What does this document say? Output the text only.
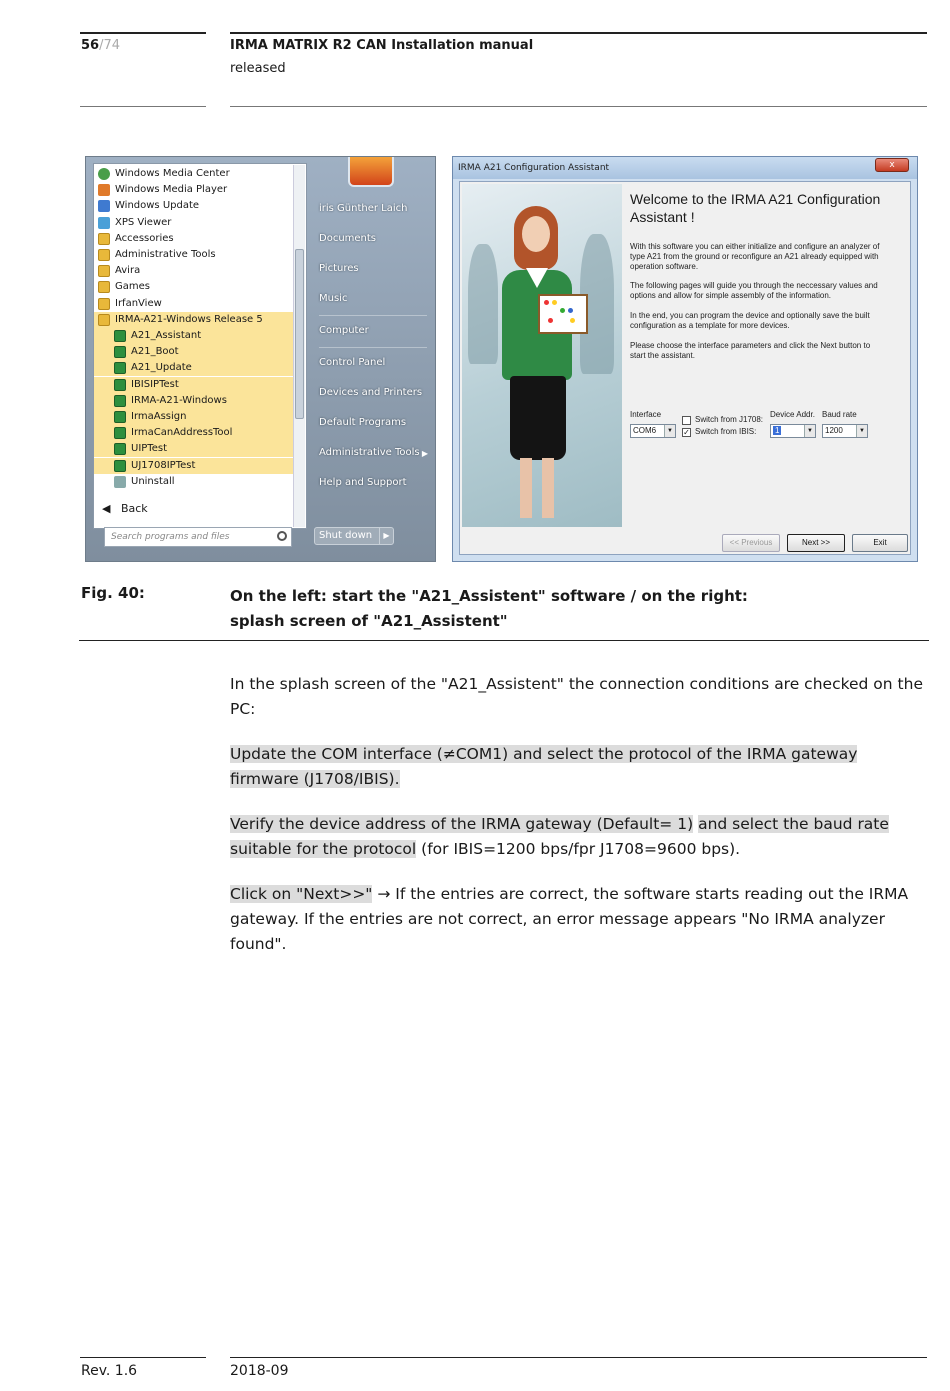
56/74	IRMA MATRIX R2 CAN Installation manual
released
Windows Media Center
Windows Media Player
Windows Update
XPS Viewer
Accessories
Administrative Tools
Avira
Games
IrfanView
IRMA-A21-Windows Release 5
A21_Assistant
A21_Boot
A21_Update
IBISIPTest
IRMA-A21-Windows
IrmaAssign
IrmaCanAddressTool
UIPTest
UJ1708IPTest
Uninstall
◀ Back
Search programs and files
iris Günther Laich
Documents
Pictures
Music
Computer
Control Panel
Devices and Printers
Default Programs
Administrative Tools ▶
Help and Support
Shut down	▶
IRMA A21 Configuration Assistant	x
Welcome to the IRMA A21 Configuration Assistant !
With this software you can either initialize and configure an analyzer of type A21 from the ground or reconfigure an A21 already equipped with operation software.
The following pages will guide you through the neccessary values and options and allow for simple assembly of the information.
In the end, you can program the device and optionally save the built configuration as a template for more devices.
Please choose the interface parameters and click the Next button to start the assistant.
Interface
COM6	▼
Switch from J1708:
✓ Switch from IBIS:
Device Addr.
1	▼
Baud rate
1200	▼
<< Previous	Next >>	Exit
Fig. 40:	On the left: start the "A21_Assistent" software / on the right:
splash screen of "A21_Assistent"
In the splash screen of the "A21_Assistent" the connection conditions are checked on the PC:
Update the COM interface (≠COM1) and select the protocol of the IRMA gateway firmware (J1708/IBIS).
Verify the device address of the IRMA gateway (Default= 1) and select the baud rate suitable for the protocol (for IBIS=1200 bps/fpr J1708=9600 bps).
Click on "Next>>" → If the entries are correct, the software starts reading out the IRMA gateway. If the entries are not correct, an error message appears "No IRMA analyzer found".
Rev. 1.6	2018-09
